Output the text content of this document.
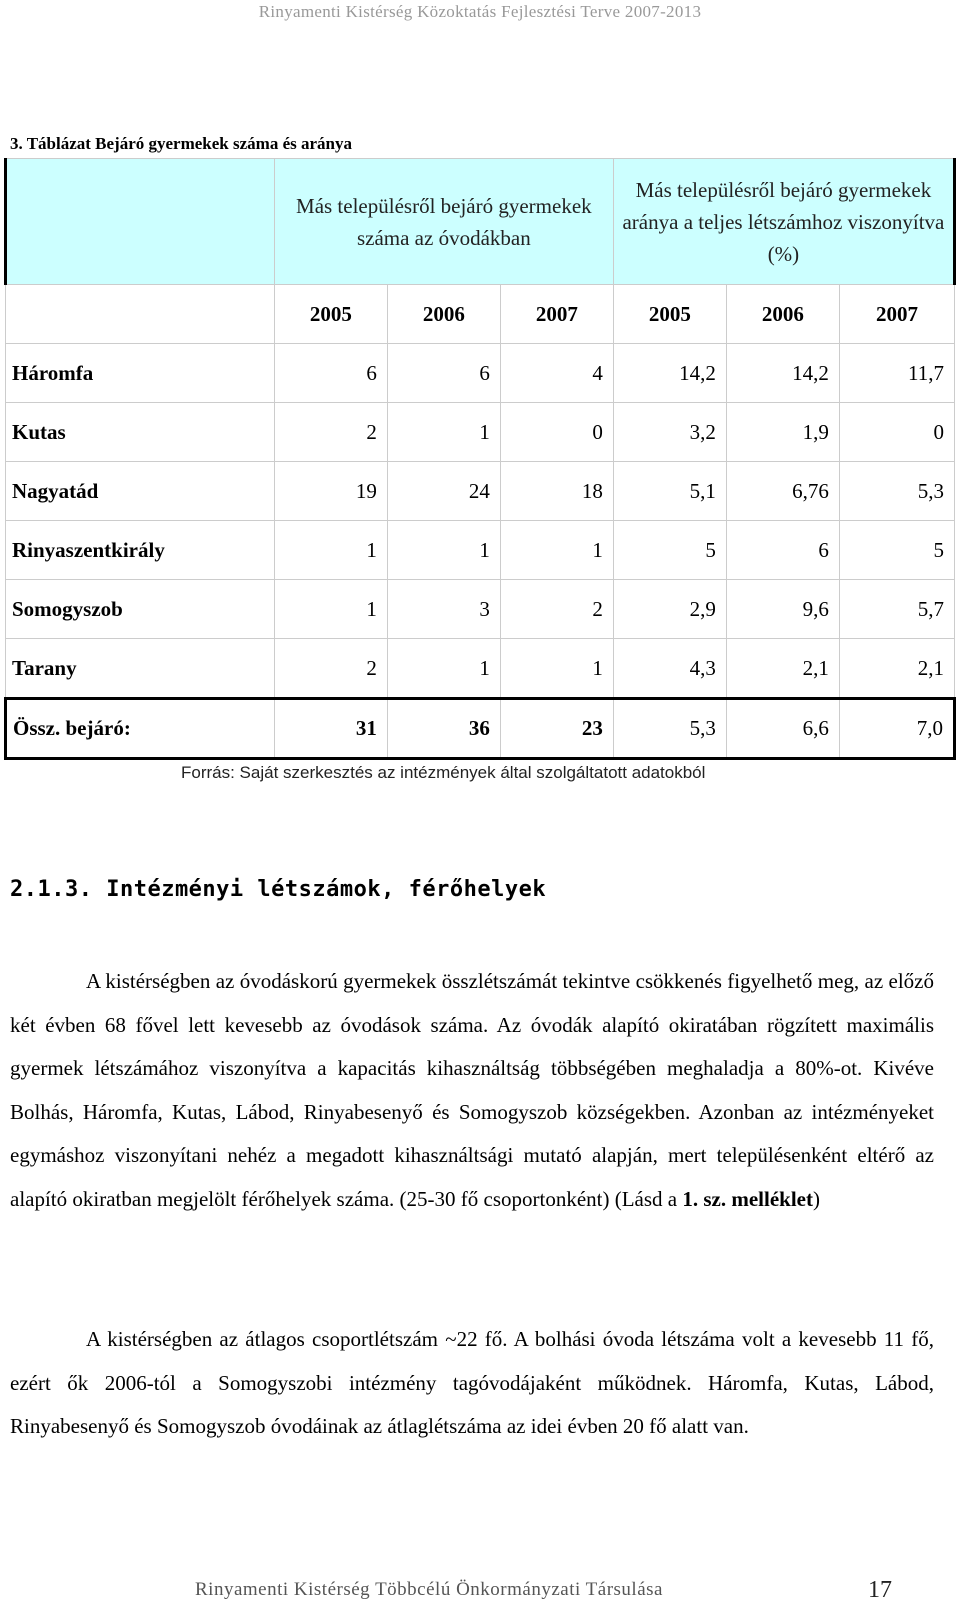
Rinyamenti Kistérség Közoktatás Fejlesztési Terve 2007-2013
3. Táblázat Bejáró gyermekek száma és aránya
	Más településről bejáró gyermekek száma az óvodákban			Más településről bejáró gyermekek aránya a teljes létszámhoz viszonyítva (%)		
	2005	2006	2007	2005	2006	2007
Háromfa	6	6	4	14,2	14,2	11,7
Kutas	2	1	0	3,2	1,9	0
Nagyatád	19	24	18	5,1	6,76	5,3
Rinyaszentkirály	1	1	1	5	6	5
Somogyszob	1	3	2	2,9	9,6	5,7
Tarany	2	1	1	4,3	2,1	2,1
Össz. bejáró:	31	36	23	5,3	6,6	7,0
Forrás: Saját szerkesztés az intézmények által szolgáltatott adatokból
2.1.3. Intézményi létszámok, férőhelyek

A kistérségben az óvodáskorú gyermekek összlétszámát tekintve csökkenés figyelhető meg, az előző két évben 68 fővel lett kevesebb az óvodások száma. Az óvodák alapító okiratában rögzített maximális gyermek létszámához viszonyítva a kapacitás kihasználtság többségében meghaladja a 80%-ot. Kivéve Bolhás, Háromfa, Kutas, Lábod, Rinyabesenyő és Somogyszob községekben. Azonban az intézményeket egymáshoz viszonyítani nehéz a megadott kihasználtsági mutató alapján, mert településenként eltérő az alapító okiratban megjelölt férőhelyek száma. (25-30 fő csoportonként) (Lásd a 1. sz. melléklet)

A kistérségben az átlagos csoportlétszám ~22 fő. A bolhási óvoda létszáma volt a kevesebb 11 fő, ezért ők 2006-tól a Somogyszobi intézmény tagóvodájaként működnek. Háromfa, Kutas, Lábod, Rinyabesenyő és Somogyszob óvodáinak az átlaglétszáma az idei évben 20 fő alatt van.

Rinyamenti Kistérség Többcélú Önkormányzati Társulása	17
